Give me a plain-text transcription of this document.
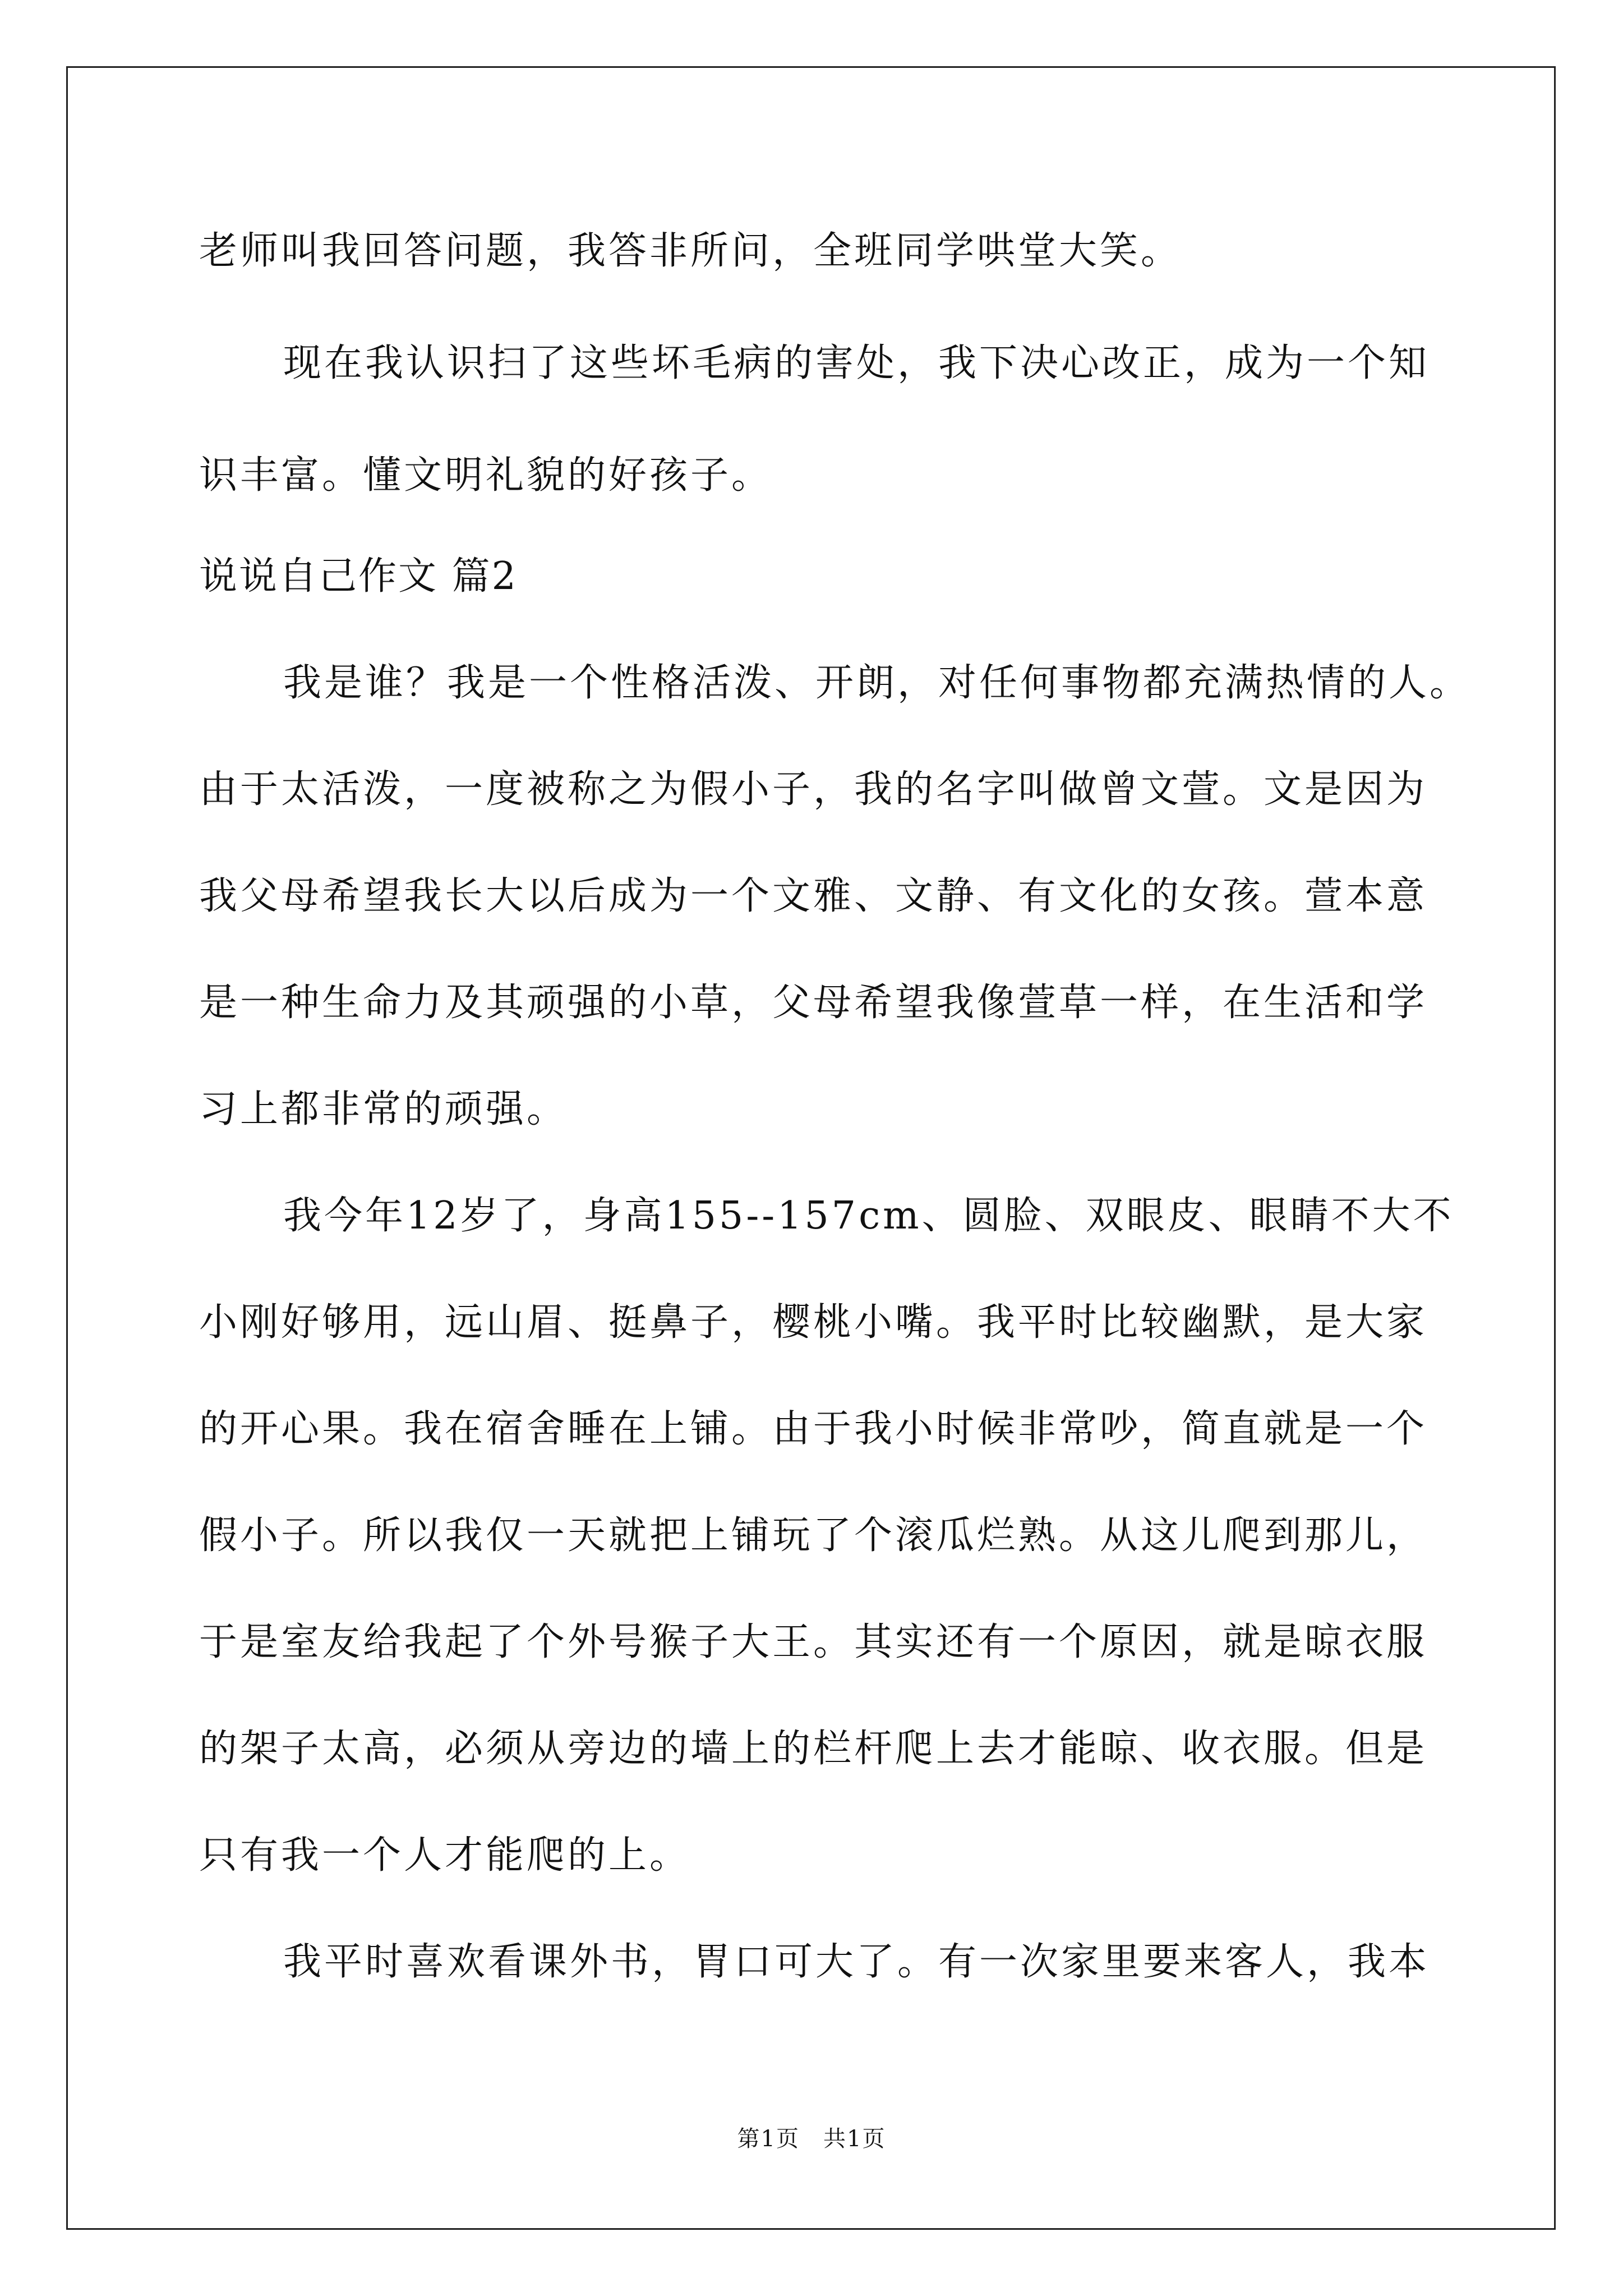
老师叫我回答问题，我答非所问，全班同学哄堂大笑。
现在我认识扫了这些坏毛病的害处，我下决心改正，成为一个知
识丰富。懂文明礼貌的好孩子。
说说自己作文 篇2
我是谁？我是一个性格活泼、开朗，对任何事物都充满热情的人。
由于太活泼，一度被称之为假小子，我的名字叫做曾文萱。文是因为
我父母希望我长大以后成为一个文雅、文静、有文化的女孩。萱本意
是一种生命力及其顽强的小草，父母希望我像萱草一样，在生活和学
习上都非常的顽强。
我今年12岁了，身高155--157cm、圆脸、双眼皮、眼睛不大不
小刚好够用，远山眉、挺鼻子，樱桃小嘴。我平时比较幽默，是大家
的开心果。我在宿舍睡在上铺。由于我小时候非常吵，简直就是一个
假小子。所以我仅一天就把上铺玩了个滚瓜烂熟。从这儿爬到那儿，
于是室友给我起了个外号猴子大王。其实还有一个原因，就是晾衣服
的架子太高，必须从旁边的墙上的栏杆爬上去才能晾、收衣服。但是
只有我一个人才能爬的上。
我平时喜欢看课外书，胃口可大了。有一次家里要来客人，我本
第1页　共1页
